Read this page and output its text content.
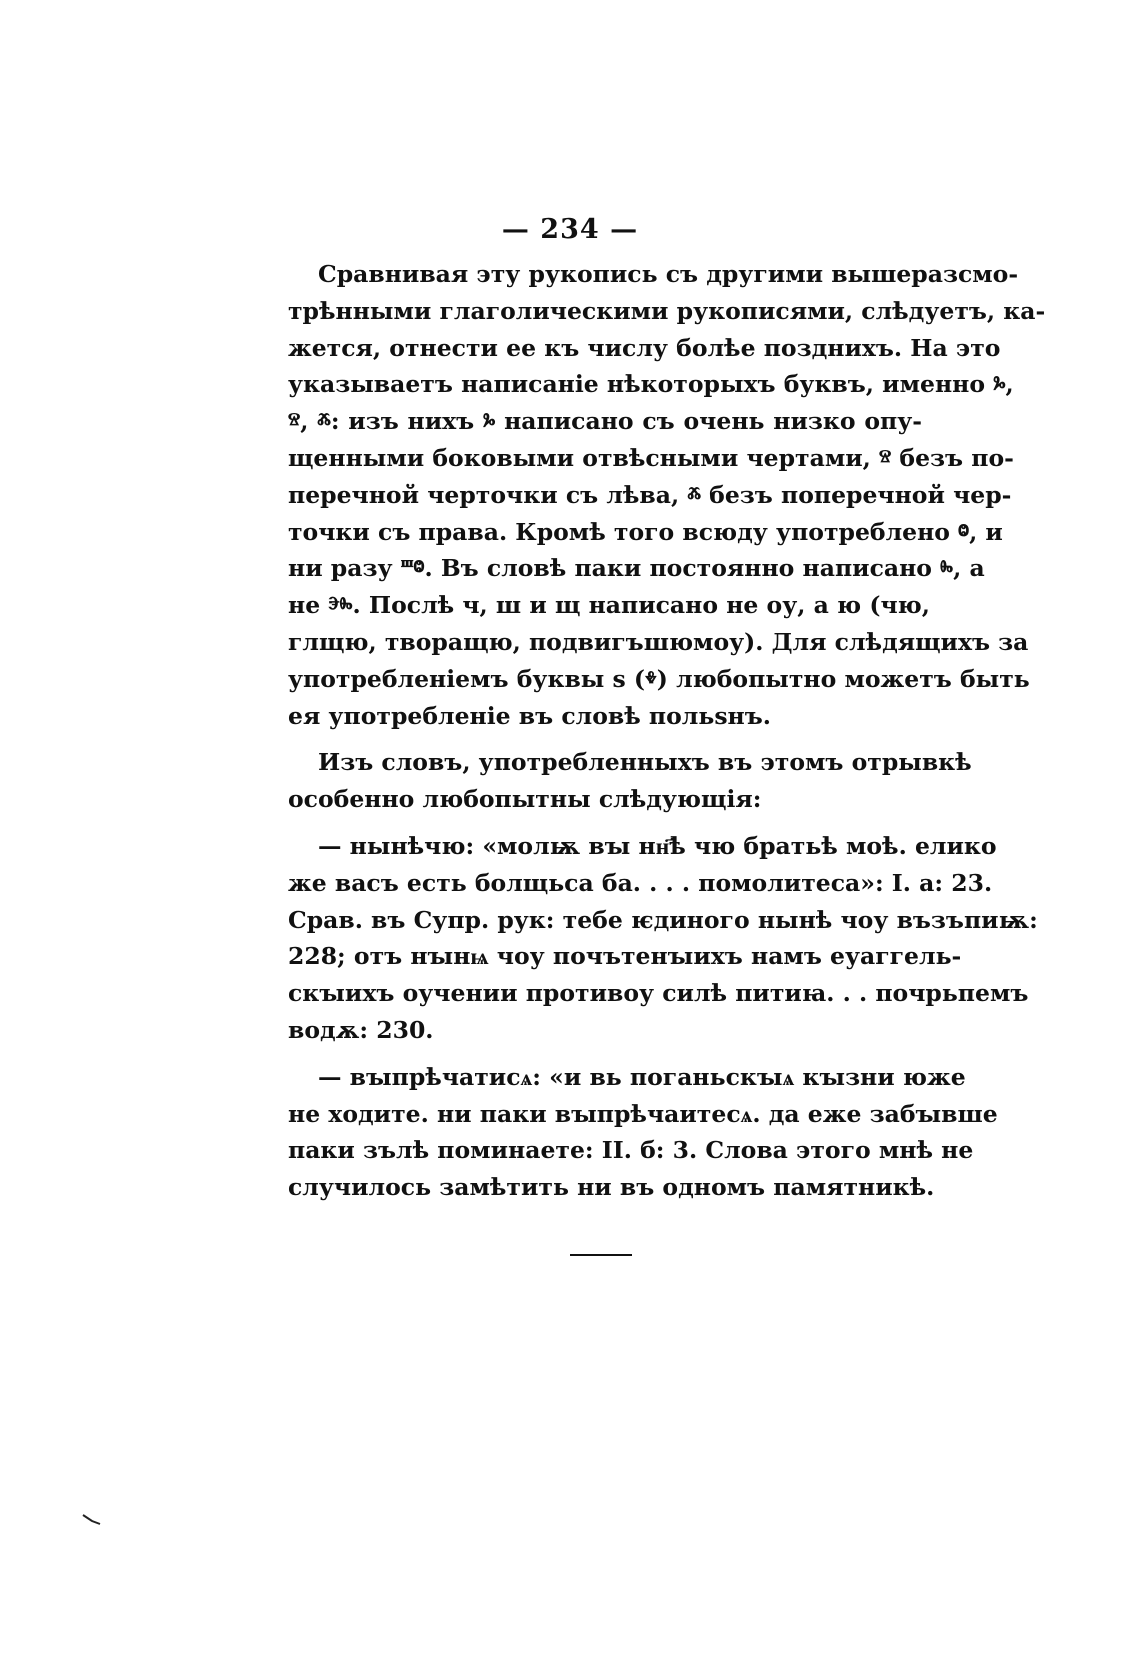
— 234 —

Сравнивая эту рукопись съ другими вышеразсмо-
трѣнными глаголическими рукописями, слѣдуетъ, ка-
жется, отнести ее къ числу болѣе позднихъ. На это
указываетъ написаніе нѣкоторыхъ буквъ, именно ⰳ,
ⱄ, ⰶ: изъ нихъ ⰳ написано съ очень низко опу-
щенными боковыми отвѣсными чертами, ⱄ безъ по-
перечной черточки съ лѣва, ⰶ безъ поперечной чер-
точки съ права. Кромѣ того всюду употреблено ⱉ, и
ни разу ⱎⱉ. Въ словѣ паки постоянно написано ⰸ, а
не ⰵⰸ. Послѣ ч, ш и щ написано не оу, а ю (чю,
глщю, творащю, подвигъшюмоу). Для слѣдящихъ за
употребленіемъ буквы ѕ (ⰷ) любопытно можетъ быть
ея употребленіе въ словѣ польѕнъ.

Изъ словъ, употребленныхъ въ этомъ отрывкѣ
особенно любопытны слѣдующія:

— нынѣчю: «молѭ вꙑ нн҃ѣ чю братьѣ моѣ. елико
же васъ есть болщьса ба. . . . помолитеса»: I. а: 23.
Срав. въ Супр. рук: тебе ѥдиного нынѣ чоу възъпиѭ:
228; отъ нꙑнѩ чоу почътенꙑихъ намъ еуаггель-
скꙑихъ оучении противоу силѣ питиꙗ. . . почрьпемъ
водѫ: 230.

— вꙑпрѣчатисѧ: «и вь поганьскꙑѧ кꙑзни юже
не ходите. ни паки вꙑпрѣчаитесѧ. да еже забꙑвше
паки зълѣ поминаете: II. б: 3. Слова этого мнѣ не
случилось замѣтить ни въ одномъ памятникѣ.
